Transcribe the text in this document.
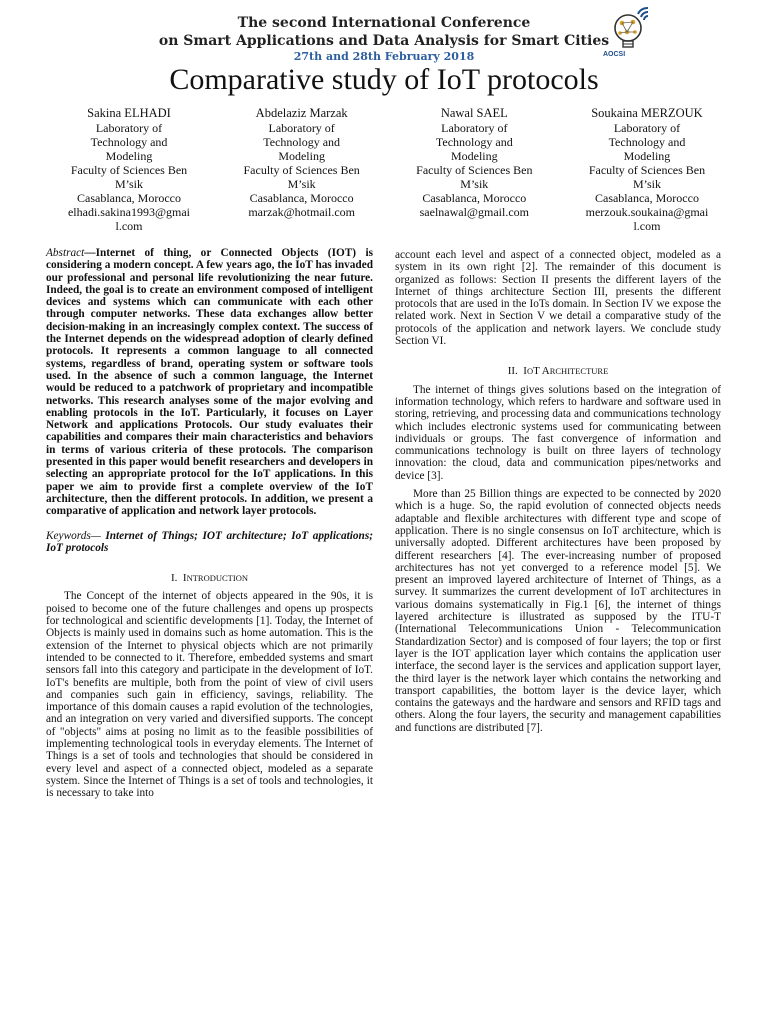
The second International Conference
on Smart Applications and Data Analysis for Smart Cities
27th and 28th February 2018	AOCSI
Comparative study of IoT protocols
Sakina ELHADI
Laboratory of
Technology and
Modeling
Faculty of Sciences Ben
M’sik
Casablanca, Morocco
elhadi.sakina1993@gmai
l.com
Abdelaziz Marzak
Laboratory of
Technology and
Modeling
Faculty of Sciences Ben
M’sik
Casablanca, Morocco
marzak@hotmail.com
Nawal SAEL
Laboratory of
Technology and
Modeling
Faculty of Sciences Ben
M’sik
Casablanca, Morocco
saelnawal@gmail.com
Soukaina MERZOUK
Laboratory of
Technology and
Modeling
Faculty of Sciences Ben
M’sik
Casablanca, Morocco
merzouk.soukaina@gmai
l.com

Abstract—Internet of thing, or Connected Objects (IOT) is considering a modern concept. A few years ago, the IoT has invaded our professional and personal life revolutionizing the near future. Indeed, the goal is to create an environment composed of intelligent devices and systems which can communicate with each other through computer networks. These data exchanges allow better decision-making in an increasingly complex context. The success of the Internet depends on the widespread adoption of clearly defined protocols. It represents a common language to all connected systems, regardless of brand, operating system or software tools used. In the absence of such a common language, the Internet would be reduced to a patchwork of proprietary and incompatible networks. This research analyses some of the major evolving and enabling protocols in the IoT. Particularly, it focuses on Layer Network and applications Protocols. Our study evaluates their capabilities and compares their main characteristics and behaviors in terms of various criteria of these protocols. The comparison presented in this paper would benefit researchers and developers in selecting an appropriate protocol for the IoT applications. In this paper we aim to provide first a complete overview of the IoT architecture, then the different protocols. In addition, we present a comparative of application and network layer protocols.

Keywords— Internet of Things; IOT architecture; IoT applications; IoT protocols

I. INTRODUCTION

The Concept of the internet of objects appeared in the 90s, it is poised to become one of the future challenges and opens up prospects for technological and scientific developments [1]. Today, the Internet of Objects is mainly used in domains such as home automation. This is the extension of the Internet to physical objects which are not primarily intended to be connected to it. Therefore, embedded systems and smart sensors fall into this category and participate in the development of IoT. IoT's benefits are multiple, both from the point of view of civil users and companies such gain in efficiency, savings, reliability. The importance of this domain causes a rapid evolution of the technologies, and an integration on very varied and diversified supports. The concept of "objects" aims at posing no limit as to the feasible possibilities of implementing technological tools in everyday elements. The Internet of Things is a set of tools and technologies that should be considered in every level and aspect of a connected object, modeled as a separate system. Since the Internet of Things is a set of tools and technologies, it is necessary to take into

account each level and aspect of a connected object, modeled as a system in its own right [2]. The remainder of this document is organized as follows: Section II presents the different layers of the Internet of things architecture Section III, presents the different protocols that are used in the IoTs domain. In Section IV we expose the related work. Next in Section V we detail a comparative study of the protocols of the application and network layers. We conclude study Section VI.

II. IOT ARCHITECTURE

The internet of things gives solutions based on the integration of information technology, which refers to hardware and software used in storing, retrieving, and processing data and communications technology which includes electronic systems used for communicating between individuals or groups. The fast convergence of information and communications technology is built on three layers of technology innovation: the cloud, data and communication pipes/networks and device [3].

More than 25 Billion things are expected to be connected by 2020 which is a huge. So, the rapid evolution of connected objects needs adaptable and flexible architectures with different type and scope of application. There is no single consensus on IoT architecture, which is universally adopted. Different architectures have been proposed by different researchers [4]. The ever-increasing number of proposed architectures has not yet converged to a reference model [5]. We present an improved layered architecture of Internet of Things, as a survey. It summarizes the current development of IoT architectures in various domains systematically in Fig.1 [6], the internet of things layered architecture is illustrated as supposed by the ITU-T (International Telecommunications Union - Telecommunication Standardization Sector) and is composed of four layers; the top or first layer is the IOT application layer which contains the application user interface, the second layer is the services and application support layer, the third layer is the network layer which contains the networking and transport capabilities, the bottom layer is the device layer, which contains the gateways and the hardware and sensors and RFID tags and others. Along the four layers, the security and management capabilities and functions are distributed [7].
